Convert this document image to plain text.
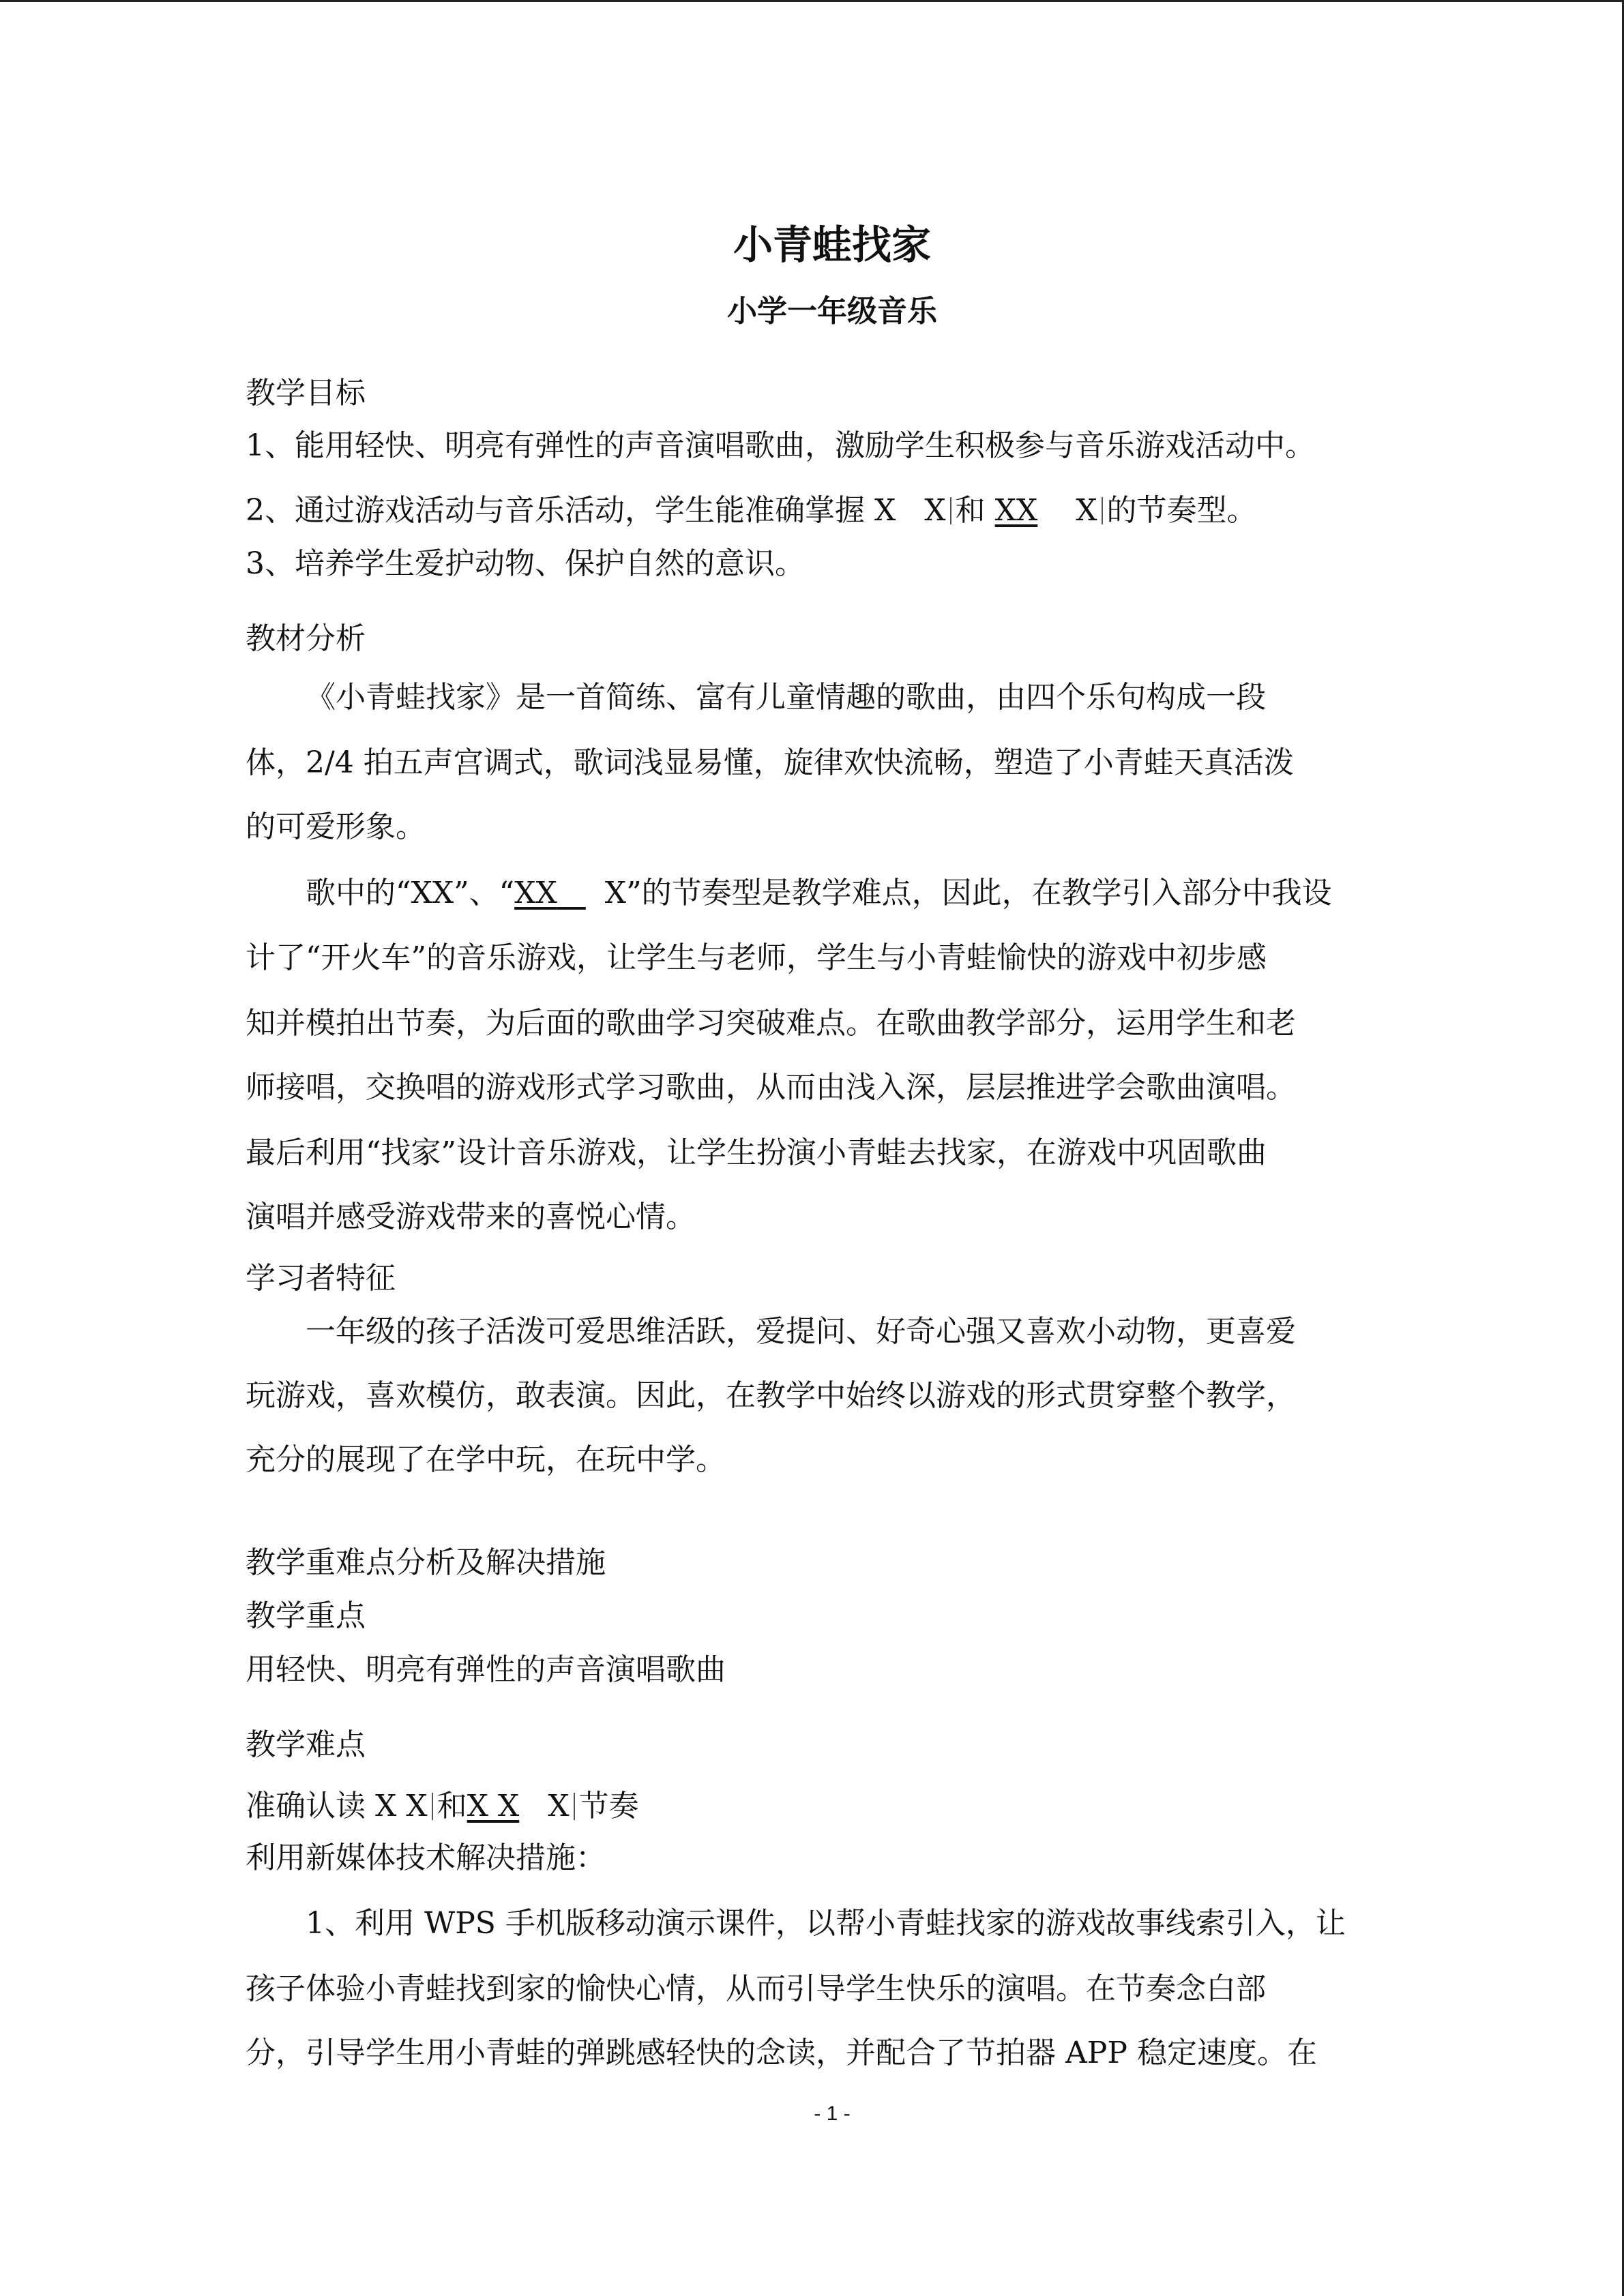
小青蛙找家
小学一年级音乐
教学目标
1、能用轻快、明亮有弹性的声音演唱歌曲，激励学生积极参与音乐游戏活动中。
2、通过游戏活动与音乐活动，学生能准确掌握 X X 和 XX X 的节奏型。
3、培养学生爱护动物、保护自然的意识。
教材分析
《小青蛙找家》是一首简练、富有儿童情趣的歌曲，由四个乐句构成一段
体，2/4 拍五声宫调式，歌词浅显易懂，旋律欢快流畅，塑造了小青蛙天真活泼
的可爱形象。
歌中的“XX”、“XX X”的节奏型是教学难点，因此，在教学引入部分中我设
计了“开火车”的音乐游戏，让学生与老师，学生与小青蛙愉快的游戏中初步感
知并模拍出节奏，为后面的歌曲学习突破难点。在歌曲教学部分，运用学生和老
师接唱，交换唱的游戏形式学习歌曲，从而由浅入深，层层推进学会歌曲演唱。
最后利用“找家”设计音乐游戏，让学生扮演小青蛙去找家，在游戏中巩固歌曲
演唱并感受游戏带来的喜悦心情。
学习者特征
一年级的孩子活泼可爱思维活跃，爱提问、好奇心强又喜欢小动物，更喜爱
玩游戏，喜欢模仿，敢表演。因此，在教学中始终以游戏的形式贯穿整个教学，
充分的展现了在学中玩，在玩中学。
教学重难点分析及解决措施
教学重点
用轻快、明亮有弹性的声音演唱歌曲
教学难点
准确认读 X X 和X X X 节奏
利用新媒体技术解决措施：
1、利用 WPS 手机版移动演示课件，以帮小青蛙找家的游戏故事线索引入，让
孩子体验小青蛙找到家的愉快心情，从而引导学生快乐的演唱。在节奏念白部
分，引导学生用小青蛙的弹跳感轻快的念读，并配合了节拍器 APP 稳定速度。在
- 1 -
